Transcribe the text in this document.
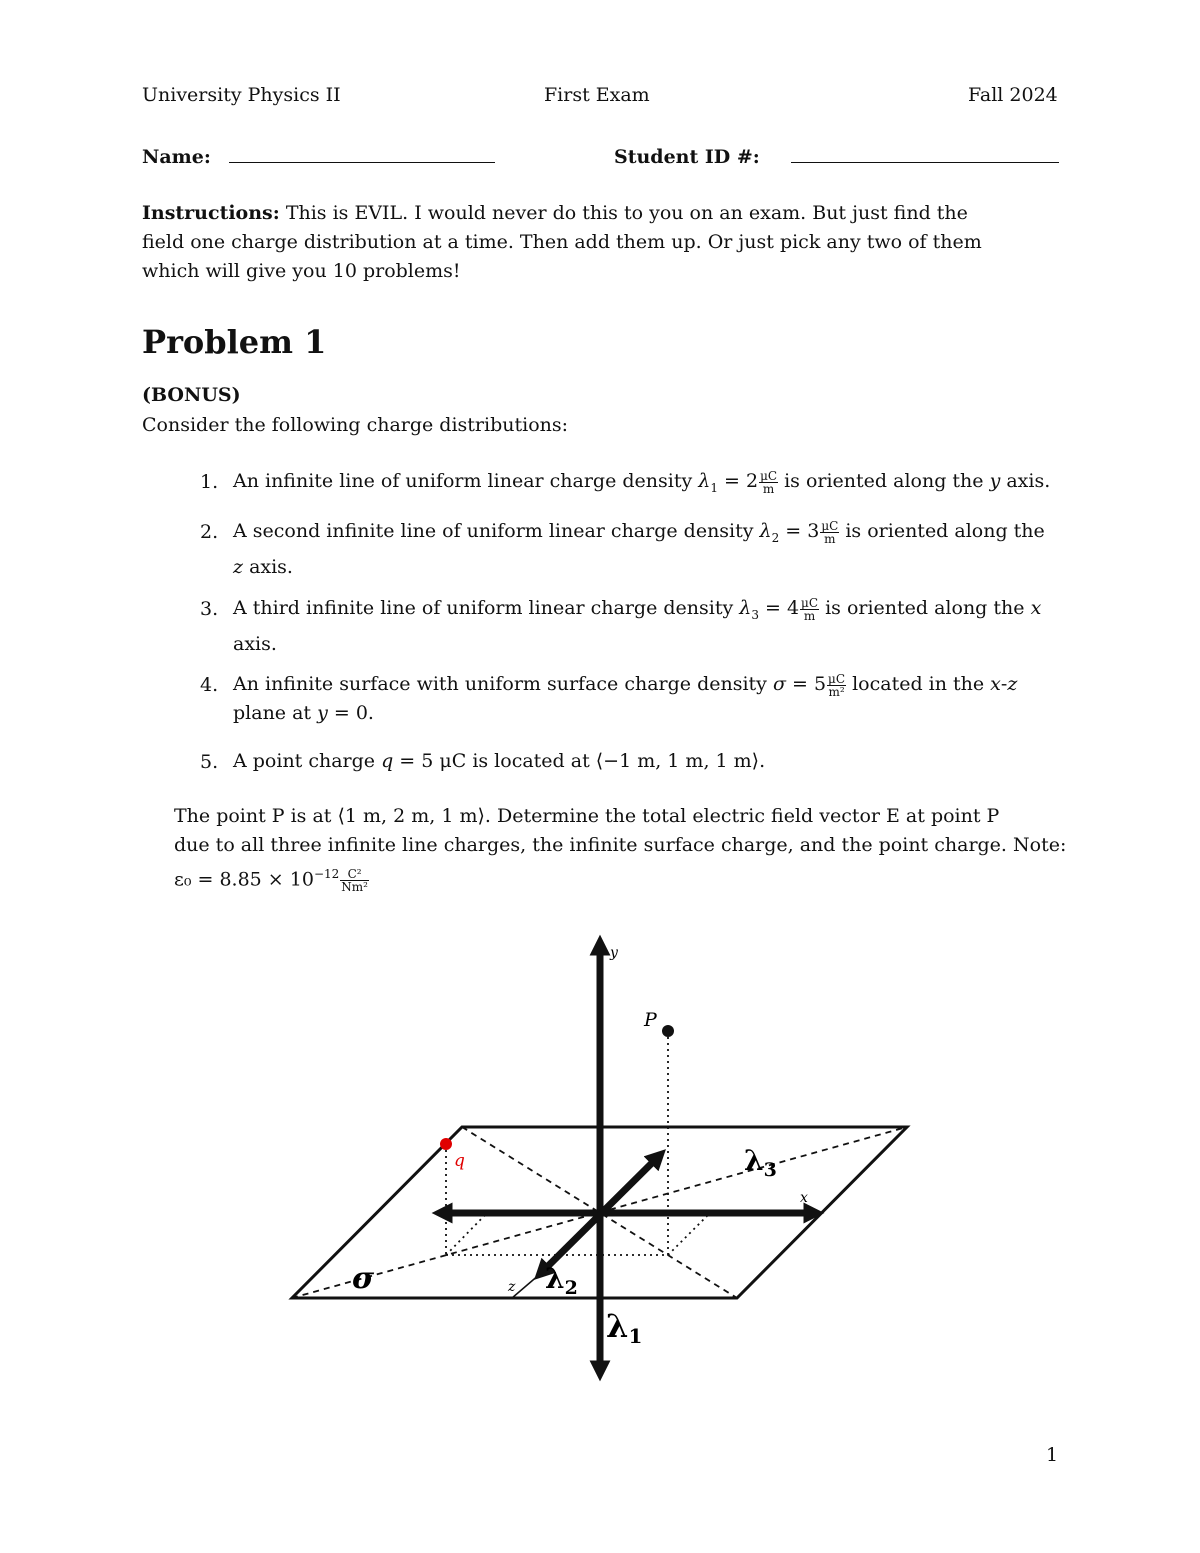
University Physics II	First Exam	Fall 2024
Name:	Student ID #:
Instructions: This is EVIL. I would never do this to you on an exam. But just find the
field one charge distribution at a time. Then add them up. Or just pick any two of them
which will give you 10 problems!
Problem 1
(BONUS)
Consider the following charge distributions:
1. An infinite line of uniform linear charge density $\lambda_1 = 2 \frac{\mu C}{m}$ is oriented along the y axis.
2. A second infinite line of uniform linear charge density $\lambda_2 = 3 \frac{\mu C}{m}$ is oriented along the
z axis.
3. A third infinite line of uniform linear charge density $\lambda_3 = 4 \frac{\mu C}{m}$ is oriented along the x
axis.
4. An infinite surface with uniform surface charge density $\sigma = 5 \frac{\mu C}{\text{m²}}$ located in the x-z
plane at y = 0.
5. A point charge q = 5 μC is located at ⟨−1 m, 1 m, 1 m⟩.
The point P is at ⟨1 m, 2 m, 1 m⟩. Determine the total electric field vector E at point P
due to all three infinite line charges, the infinite surface charge, and the point charge. Note:
$\varepsilon_0 = 8.85 \times 10^{-12} \frac{\text{C²}}{\text{Nm²}}$
y
x
z
P
q
σ
λ1
$\lambda_2$
$\lambda_3$
1
